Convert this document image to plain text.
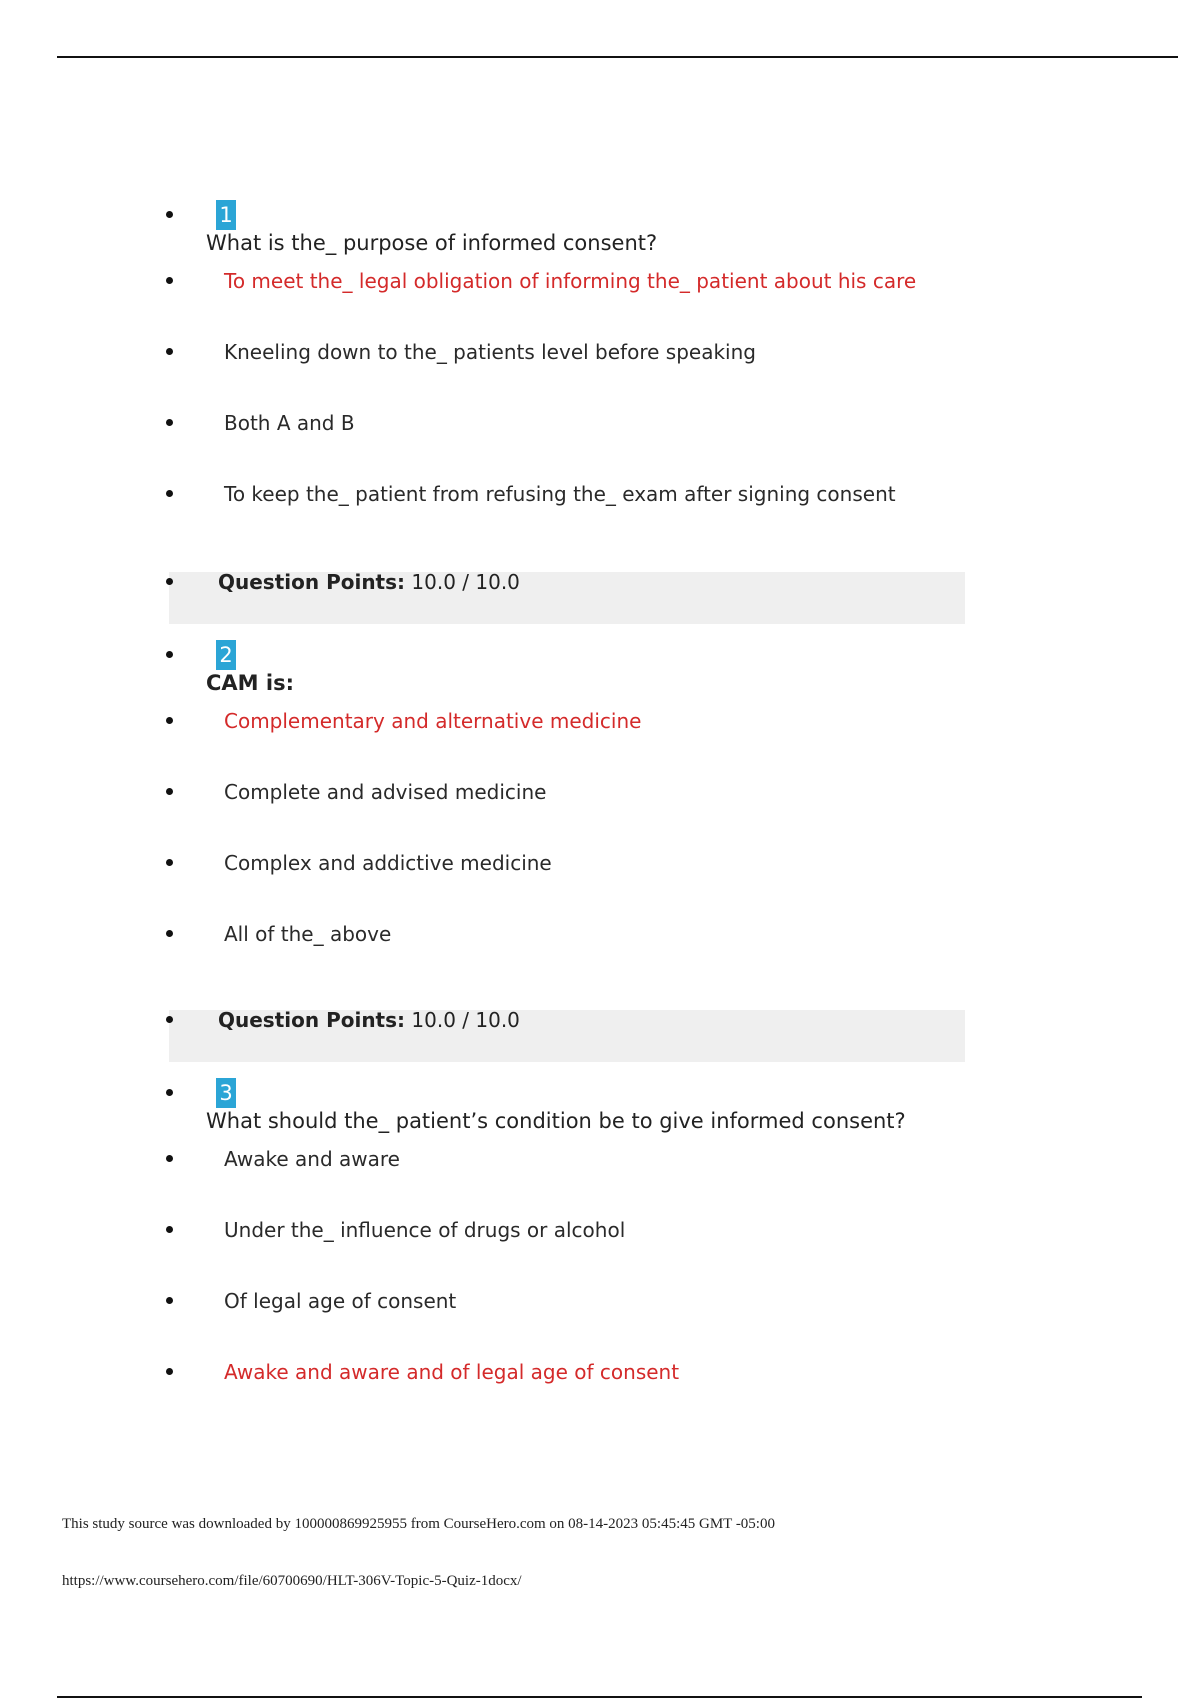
1
What is the_ purpose of informed consent?
To meet the_ legal obligation of informing the_ patient about his care
Kneeling down to the_ patients level before speaking
Both A and B
To keep the_ patient from refusing the_ exam after signing consent
Question Points: 10.0 / 10.0
2
CAM is:
Complementary and alternative medicine
Complete and advised medicine
Complex and addictive medicine
All of the_ above
Question Points: 10.0 / 10.0
3
What should the_ patient’s condition be to give informed consent?
Awake and aware
Under the_ influence of drugs or alcohol
Of legal age of consent
Awake and aware and of legal age of consent
This study source was downloaded by 100000869925955 from CourseHero.com on 08-14-2023 05:45:45 GMT -05:00
https://www.coursehero.com/file/60700690/HLT-306V-Topic-5-Quiz-1docx/
